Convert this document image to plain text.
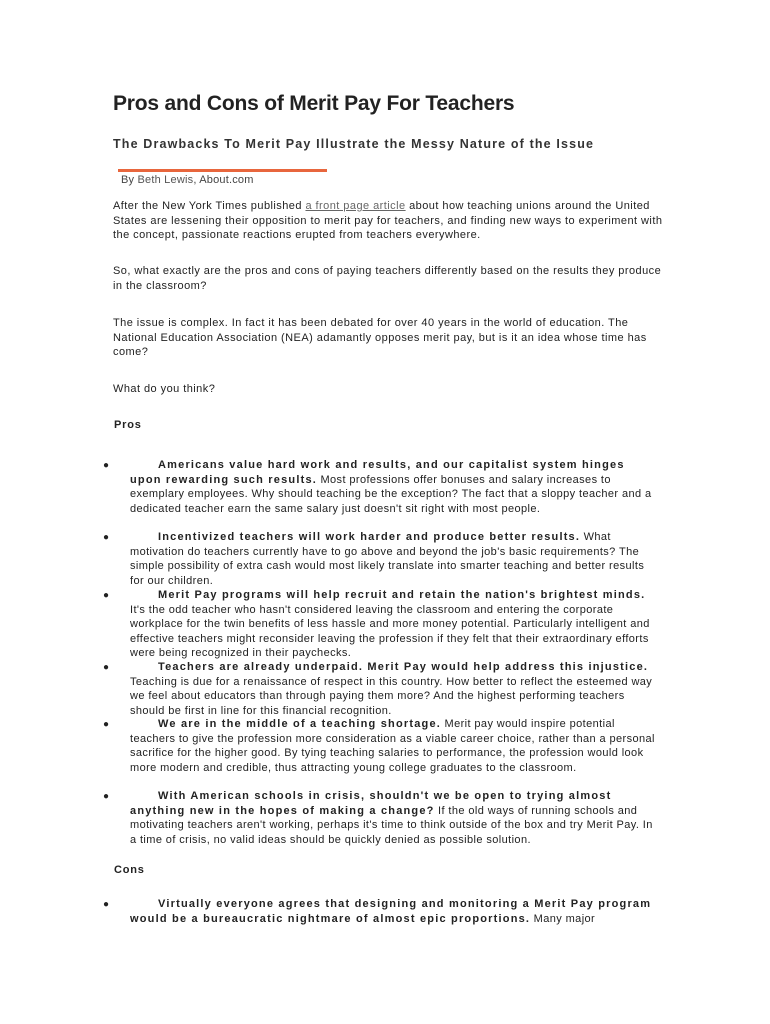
Pros and Cons of Merit Pay For Teachers
The Drawbacks To Merit Pay Illustrate the Messy Nature of the Issue
By Beth Lewis, About.com

After the New York Times published a front page article about how teaching unions around the United States are lessening their opposition to merit pay for teachers, and finding new ways to experiment with the concept, passionate reactions erupted from teachers everywhere.

So, what exactly are the pros and cons of paying teachers differently based on the results they produce in the classroom?

The issue is complex. In fact it has been debated for over 40 years in the world of education. The National Education Association (NEA) adamantly opposes merit pay, but is it an idea whose time has come?

What do you think?

Pros
●	Americans value hard work and results, and our capitalist system hinges upon rewarding such results. Most professions offer bonuses and salary increases to exemplary employees. Why should teaching be the exception? The fact that a sloppy teacher and a dedicated teacher earn the same salary just doesn't sit right with most people.

●	Incentivized teachers will work harder and produce better results. What motivation do teachers currently have to go above and beyond the job's basic requirements? The simple possibility of extra cash would most likely translate into smarter teaching and better results for our children.

●	Merit Pay programs will help recruit and retain the nation's brightest minds. It's the odd teacher who hasn't considered leaving the classroom and entering the corporate workplace for the twin benefits of less hassle and more money potential. Particularly intelligent and effective teachers might reconsider leaving the profession if they felt that their extraordinary efforts were being recognized in their paychecks.

●	Teachers are already underpaid. Merit Pay would help address this injustice. Teaching is due for a renaissance of respect in this country. How better to reflect the esteemed way we feel about educators than through paying them more? And the highest performing teachers should be first in line for this financial recognition.

●	We are in the middle of a teaching shortage. Merit pay would inspire potential teachers to give the profession more consideration as a viable career choice, rather than a personal sacrifice for the higher good. By tying teaching salaries to performance, the profession would look more modern and credible, thus attracting young college graduates to the classroom.

●	With American schools in crisis, shouldn't we be open to trying almost anything new in the hopes of making a change? If the old ways of running schools and motivating teachers aren't working, perhaps it's time to think outside of the box and try Merit Pay. In a time of crisis, no valid ideas should be quickly denied as possible solution.

Cons
●	Virtually everyone agrees that designing and monitoring a Merit Pay program would be a bureaucratic nightmare of almost epic proportions. Many major
